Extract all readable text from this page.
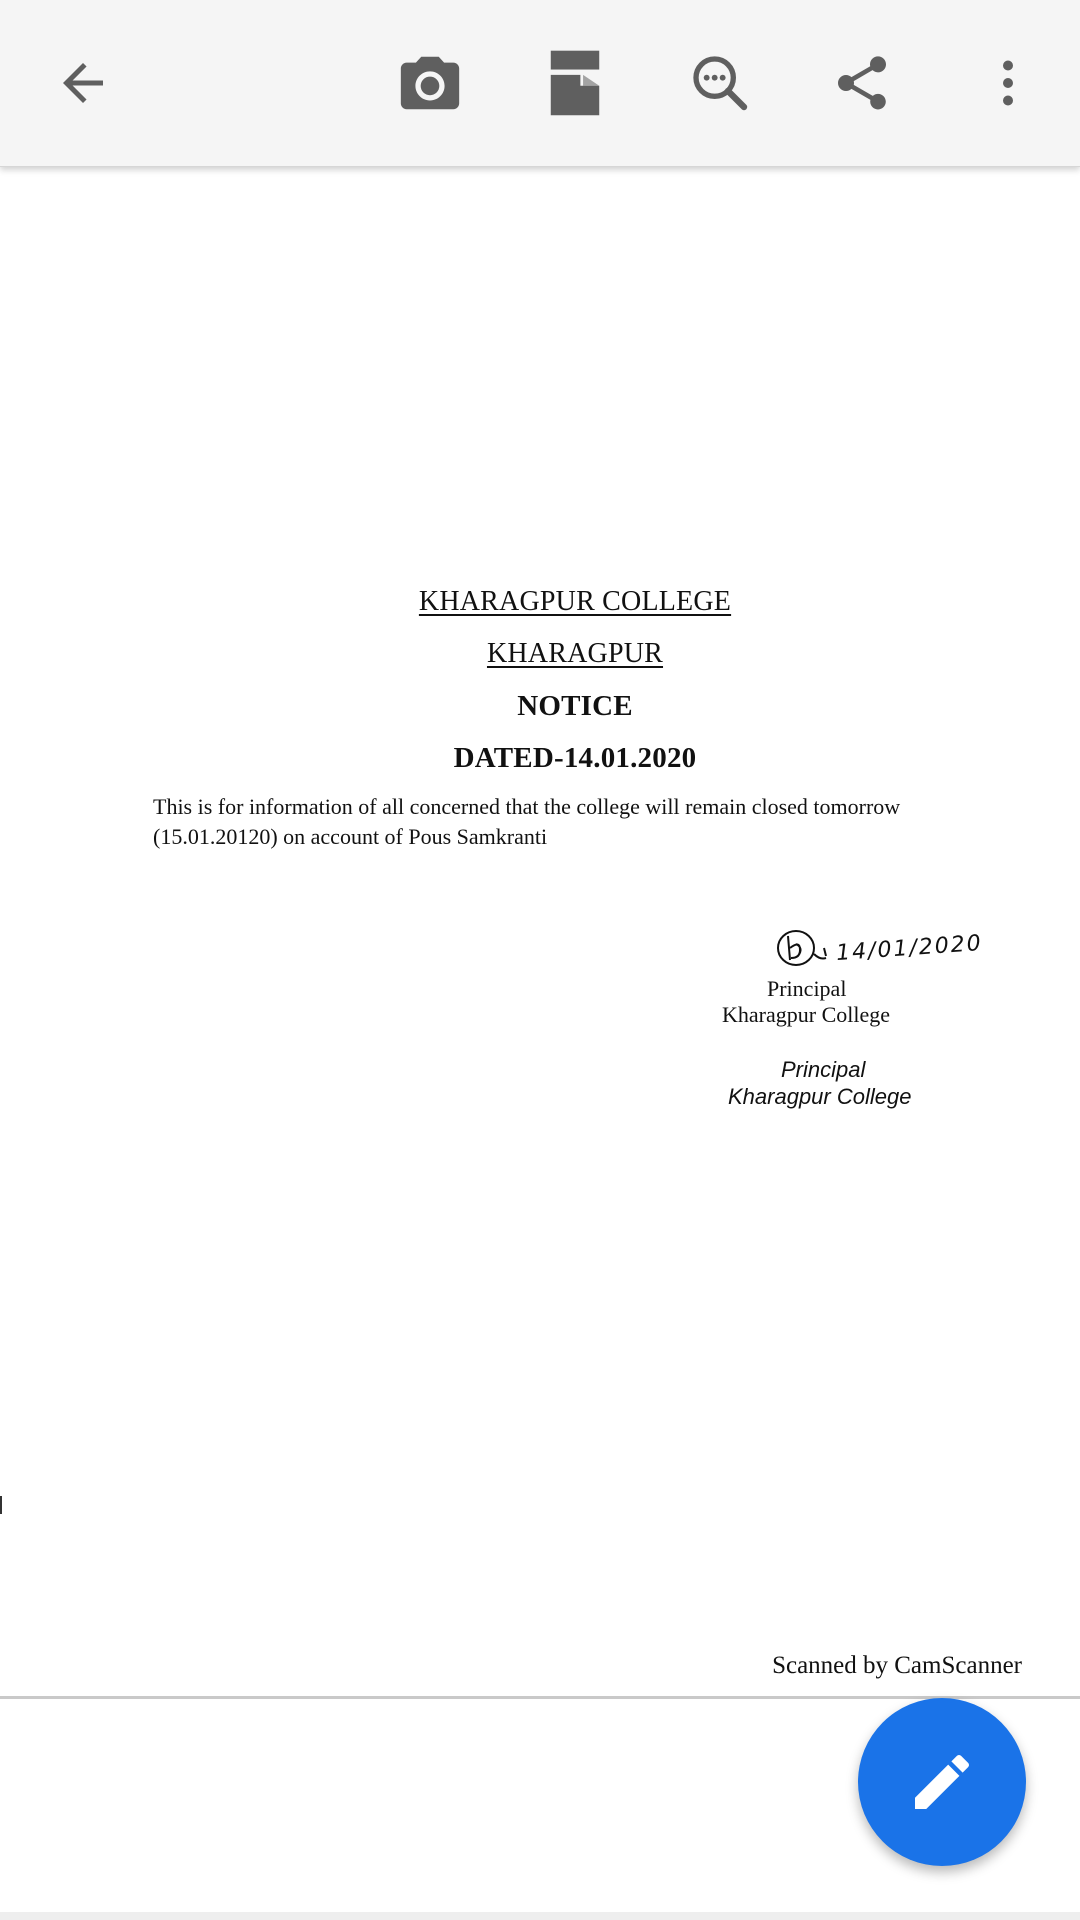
KHARAGPUR COLLEGE
KHARAGPUR
NOTICE
DATED-14.01.2020
This is for information of all concerned that the college will remain closed tomorrow
(15.01.20120) on account of Pous Samkranti
14/01/2020
Principal
Kharagpur College
Principal
Kharagpur College
Scanned by CamScanner
